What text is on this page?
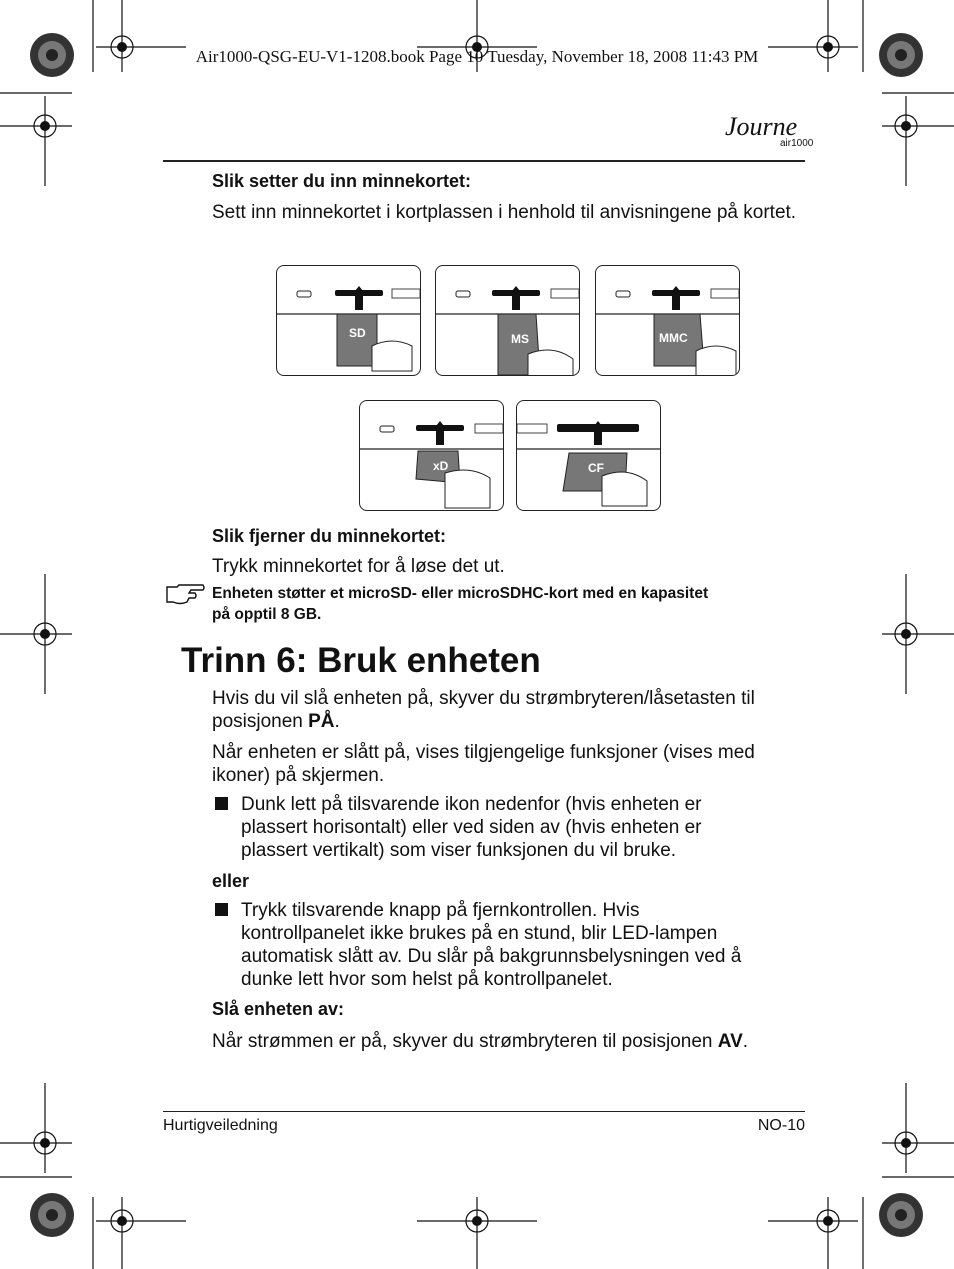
Air1000-QSG-EU-V1-1208.book Page 10 Tuesday, November 18, 2008 11:43 PM
Journe
air1000
Slik setter du inn minnekortet:
Sett inn minnekortet i kortplassen i henhold til anvisningene på kortet.
SD	MS	MMC
xD	CF
Slik fjerner du minnekortet:
Trykk minnekortet for å løse det ut.
Enheten støtter et microSD- eller microSDHC-kort med en kapasitet
på opptil 8 GB.
Trinn 6: Bruk enheten
Hvis du vil slå enheten på, skyver du strømbryteren/låsetasten til
posisjonen PÅ.
Når enheten er slått på, vises tilgjengelige funksjoner (vises med
ikoner) på skjermen.
Dunk lett på tilsvarende ikon nedenfor (hvis enheten er
plassert horisontalt) eller ved siden av (hvis enheten er
plassert vertikalt) som viser funksjonen du vil bruke.
eller
Trykk tilsvarende knapp på fjernkontrollen. Hvis
kontrollpanelet ikke brukes på en stund, blir LED-lampen
automatisk slått av. Du slår på bakgrunnsbelysningen ved å
dunke lett hvor som helst på kontrollpanelet.
Slå enheten av:
Når strømmen er på, skyver du strømbryteren til posisjonen AV.
Hurtigveiledning	NO-10
